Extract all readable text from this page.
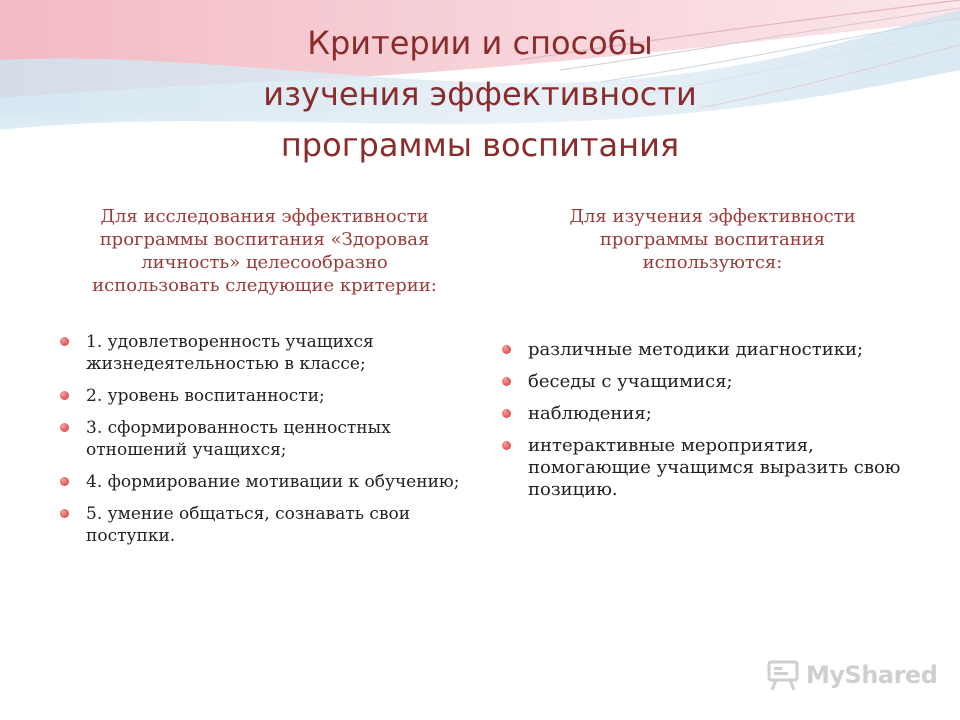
Критерии и способы
изучения эффективности
программы воспитания

Для исследования эффективности
программы воспитания «Здоровая
личность» целесообразно
использовать следующие критерии:

Для изучения эффективности
программы воспитания
используются:

1. удовлетворенность учащихся жизнедеятельностью в классе;
2. уровень воспитанности;
3. сформированность ценностных отношений учащихся;
4. формирование мотивации к обучению;
5. умение общаться, сознавать свои поступки.
различные методики диагностики;
беседы с учащимися;
наблюдения;
интерактивные мероприятия, помогающие учащимся выразить свою позицию.
MyShared
